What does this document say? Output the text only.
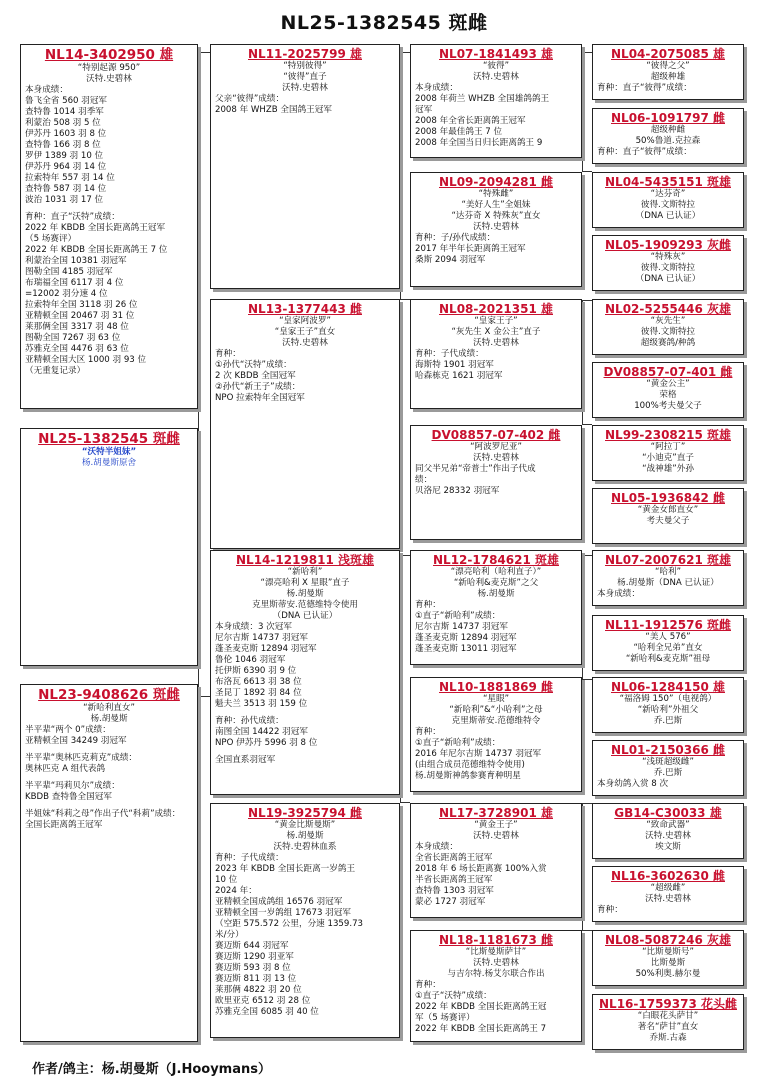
NL25-1382545 斑雌
NL14-3402950 雄
“特别起源 950”
沃特.史碧林
本身成绩：
鲁飞全省 560 羽冠军
查特鲁 1014 羽季军
利蒙治 508 羽 5 位
伊苏丹 1603 羽 8 位
查特鲁 166 羽 8 位
罗伊 1389 羽 10 位
伊苏丹 964 羽 14 位
拉索特年 557 羽 14 位
查特鲁 587 羽 14 位
波治 1031 羽 17 位
育种：直子“沃特”成绩：
2022 年 KBDB 全国长距离鸽王冠军
（5 场赛评）
2022 年 KBDB 全国长距离鸽王 7 位
利蒙治全国 10381 羽冠军
图勒全国 4185 羽冠军
布瑞福全国 6117 羽 4 位
=12002 羽分速 4 位
拉索特年全国 3118 羽 26 位
亚精顿全国 20467 羽 31 位
莱那俩全国 3317 羽 48 位
图勒全国 7267 羽 63 位
苏雅克全国 4476 羽 63 位
亚精顿全国大区 1000 羽 93 位
（无重复记录）
NL25-1382545 斑雌
“沃特半姐妹”
杨.胡曼斯原舍
NL23-9408626 斑雌
“新哈利直女”
杨.胡曼斯
半平辈“两个 0”成绩：
亚精顿全国 34249 羽冠军
半平辈“奥林匹克莉克”成绩：
奥林匹克 A 组代表鸽
半平辈“玛莉贝尔”成绩：
KBDB 查特鲁全国冠军
半姐妹“科莉之母”作出子代“科莉”成绩：
全国长距离鸽王冠军
NL11-2025799 雄
“特别彼得”
“彼得”直子
沃特.史碧林
父亲“彼得”成绩：
2008 年 WHZB 全国鸽王冠军
NL13-1377443 雌
“皇家阿波罗”
“皇家王子”直女
沃特.史碧林
育种：
①孙代“沃特”成绩：
2 次 KBDB 全国冠军
②孙代“新王子”成绩：
NPO 拉索特年全国冠军
NL14-1219811 浅斑雄
“新哈利”
“漂亮哈利 X 星眼”直子
杨.胡曼斯
克里斯蒂安.范德维特令使用
（DNA 已认证）
本身成绩：3 次冠军
尼尔吉斯 14737 羽冠军
蓬圣麦克斯 12894 羽冠军
鲁伦 1046 羽冠军
托伊斯 6390 羽 9 位
布洛瓦 6613 羽 38 位
圣昆丁 1892 羽 84 位
魁夫兰 3513 羽 159 位
育种：孙代成绩：
南图全国 14422 羽冠军
NPO 伊苏丹 5996 羽 8 位
全国直系羽冠军
NL19-3925794 雌
“黄金比斯曼斯”
杨.胡曼斯
沃特.史碧林血系
育种：子代成绩：
2023 年 KBDB 全国长距离一岁鸽王
10 位
2024 年：
亚精顿全国成鸽组 16576 羽冠军
亚精顿全国一岁鸽组 17673 羽冠军
（空距 575.572 公里，分速 1359.73
米/分）
赛迈斯 644 羽冠军
赛迈斯 1290 羽亚军
赛迈斯 593 羽 8 位
赛迈斯 811 羽 13 位
莱那俩 4822 羽 20 位
欧里亚克 6512 羽 28 位
苏雅克全国 6085 羽 40 位
NL07-1841493 雄
“彼得”
沃特.史碧林
本身成绩：
2008 年荷兰 WHZB 全国雄鸽鸽王
冠军
2008 年全省长距离鸽王冠军
2008 年最佳鸽王 7 位
2008 年全国当日归长距离鸽王 9
NL09-2094281 雌
“特殊雌”
“美好人生”全姐妹
“达芬奇 X 特殊灰”直女
沃特.史碧林
育种：子/孙代成绩：
2017 年半年长距离鸽王冠军
桑斯 2094 羽冠军
NL08-2021351 雄
“皇家王子”
“灰先生 X 金公主”直子
沃特.史碧林
育种：子代成绩：
海斯特 1901 羽冠军
哈森栋克 1621 羽冠军
DV08857-07-402 雌
“阿波罗尼亚”
沃特.史碧林
同父半兄弟“帝普士”作出子代成
绩：
贝洛尼 28332 羽冠军
NL12-1784621 斑雄
“漂亮哈利（哈利直子）”
“新哈利&麦克斯”之父
杨.胡曼斯
育种：
①直子“新哈利”成绩：
尼尔吉斯 14737 羽冠军
蓬圣麦克斯 12894 羽冠军
蓬圣麦克斯 13011 羽冠军
NL10-1881869 雌
“星眼”
“新哈利”&“小哈利”之母
克里斯蒂安.范德维特令
育种：
①直子“新哈利”成绩：
2016 年尼尔吉斯 14737 羽冠军
(由组合成员范德维特令使用)
杨.胡曼斯神鸽参赛育种明星
NL17-3728901 雄
“黄金王子”
沃特.史碧林
本身成绩：
全省长距离鸽王冠军
2018 年 6 场长距离赛 100%入赏
半省长距离鸽王冠军
查特鲁 1303 羽冠军
蒙必 1727 羽冠军
NL18-1181673 雌
“比斯曼斯萨甘”
沃特.史碧林
与吉尔特.杨艾尔联合作出
育种：
①直子“沃特”成绩：
2022 年 KBDB 全国长距离鸽王冠
军（5 场赛评）
2022 年 KBDB 全国长距离鸽王 7
NL04-2075085 雄
“彼得之父”
超级种雄
育种：直子“彼得”成绩：
NL06-1091797 雌
超级种雌
50%鲁道.克拉森
育种：直子“彼得”成绩：
NL04-5435151 斑雄
“达芬奇”
彼得.文斯特拉
（DNA 已认证）
NL05-1909293 灰雌
“特殊灰”
彼得.文斯特拉
（DNA 已认证）
NL02-5255446 灰雄
“灰先生”
彼得.文斯特拉
超级赛鸽/种鸽
DV08857-07-401 雌
“黄金公主”
荣格
100%考夫曼父子
NL99-2308215 斑雄
“阿拉丁”
“小迪克”直子
“战神雄”外孙
NL05-1936842 雌
“黄金女郎直女”
考夫曼父子
NL07-2007621 斑雄
“哈利”
杨.胡曼斯（DNA 已认证）
本身成绩：
NL11-1912576 斑雌
“美人 576”
“哈利全兄弟”直女
“新哈利&麦克斯”祖母
NL06-1284150 雄
“福洛姆 150”（电视鸽）
“新哈利”外祖父
乔.巴斯
NL01-2150366 雌
“浅斑超级雌”
乔.巴斯
本身幼鸽入赏 8 次
GB14-C30033 雄
“致命武器”
沃特.史碧林
埃文斯
NL16-3602630 雌
“超级雌”
沃特.史碧林
育种：
NL08-5087246 灰雄
“比斯曼斯号”
比斯曼斯
50%利奥.赫尔曼
NL16-1759373 花头雌
“白眼花头萨甘”
著名“萨甘”直女
乔斯.古森
作者/鸽主：杨.胡曼斯（J.Hooymans）
